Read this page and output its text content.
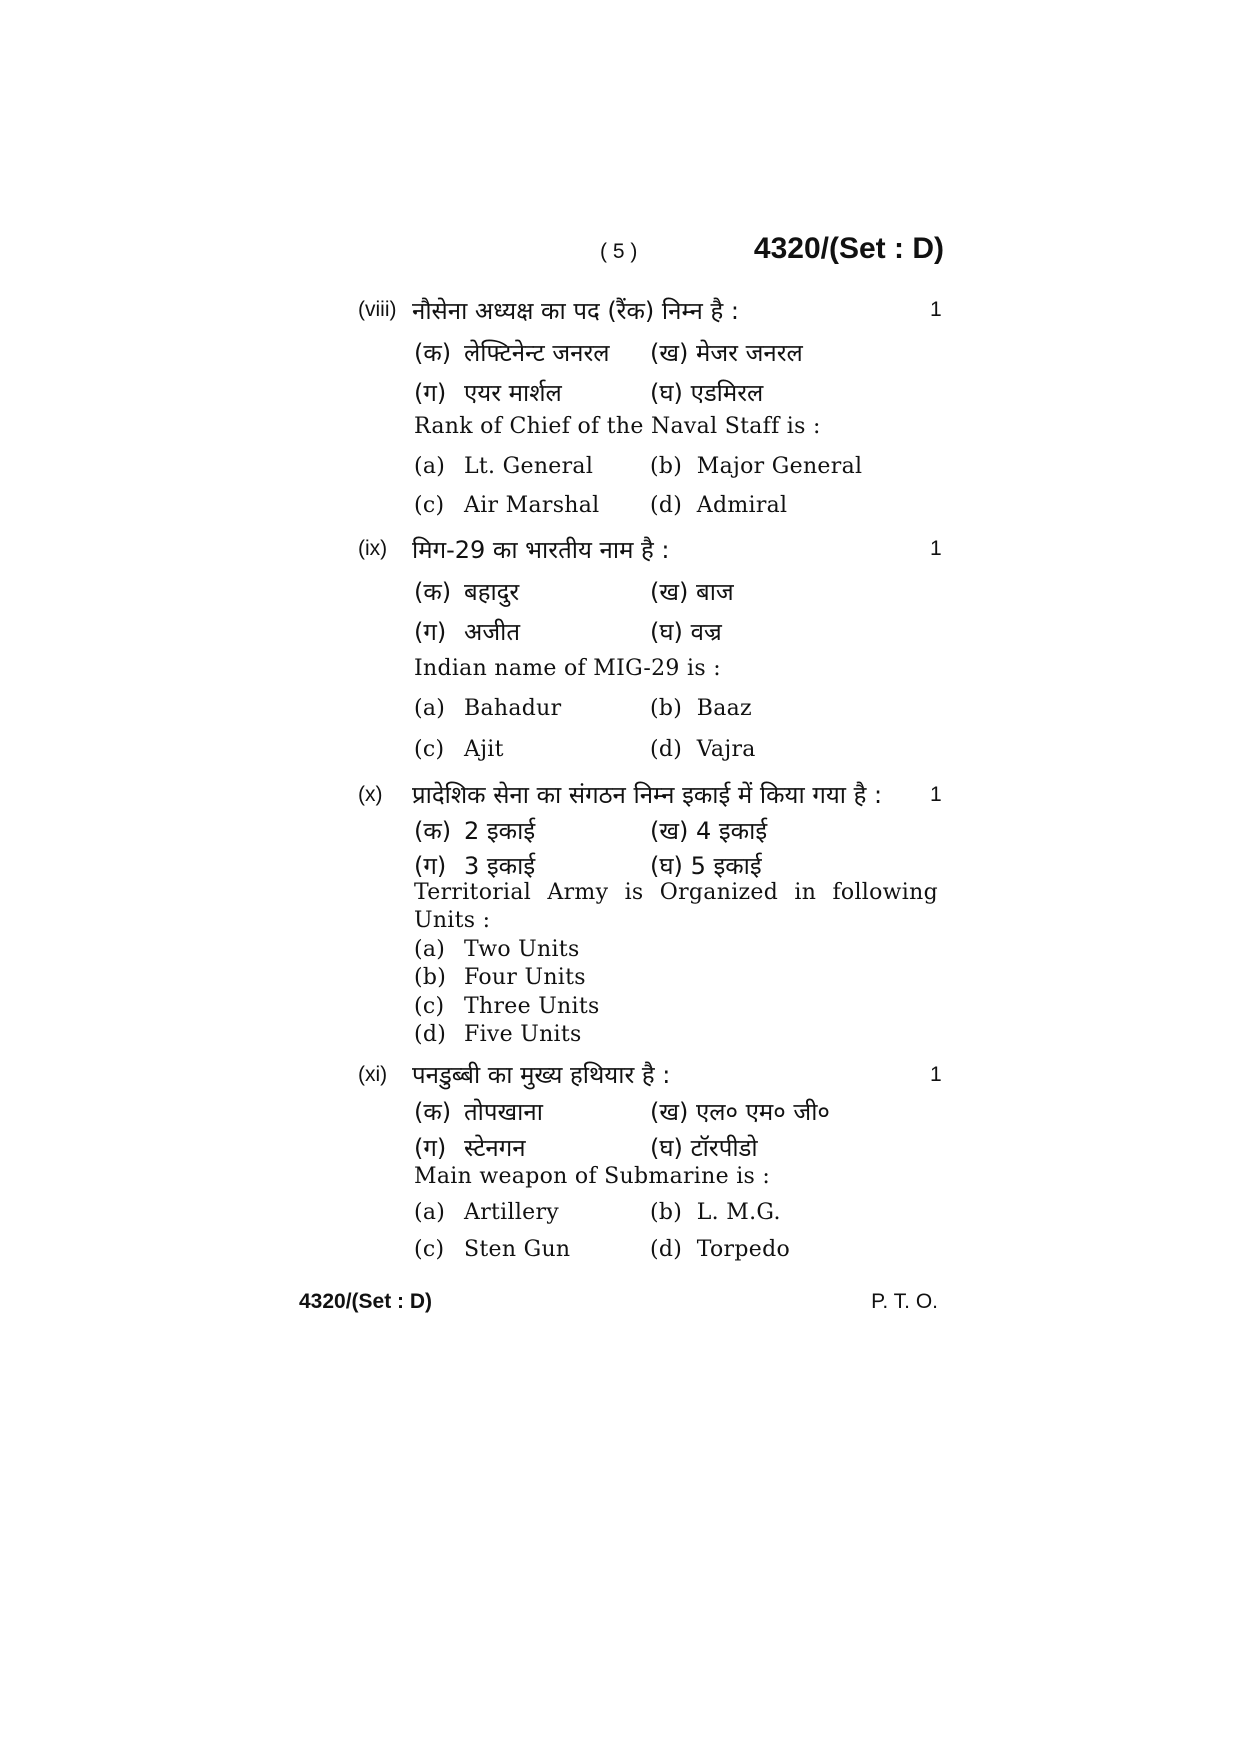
( 5 )	4320/(Set : D)
(viii) नौसेना अध्यक्ष का पद (रैंक) निम्न है :	1
(क) लेफ्टिनेन्ट जनरल (ख) मेजर जनरल
(ग) एयर मार्शल	(घ) एडमिरल
Rank of Chief of the Naval Staff is :
(a) Lt. General	(b) Major General
(c) Air Marshal (d) Admiral
(ix) मिग-29 का भारतीय नाम है :	1
(क) बहादुर	(ख) बाज
(ग) अजीत	(घ) वज्र
Indian name of MIG-29 is :
(a) Bahadur	(b) Baaz
(c) Ajit	(d) Vajra
(x) प्रादेशिक सेना का संगठन निम्न इकाई में किया गया है : 1
(क) 2 इकाई	(ख) 4 इकाई
(ग) 3 इकाई	(घ) 5 इकाई
Territorial Army is Organized in following
Units :
(a) Two Units
(b) Four Units
(c) Three Units
(d) Five Units
(xi) पनडुब्बी का मुख्य हथियार है :	1
(क) तोपखाना	(ख) एल० एम० जी०
(ग) स्टेनगन	(घ) टॉरपीडो
Main weapon of Submarine is :
(a) Artillery	(b) L. M.G.
(c) Sten Gun	(d) Torpedo
4320/(Set : D)	P. T. O.
